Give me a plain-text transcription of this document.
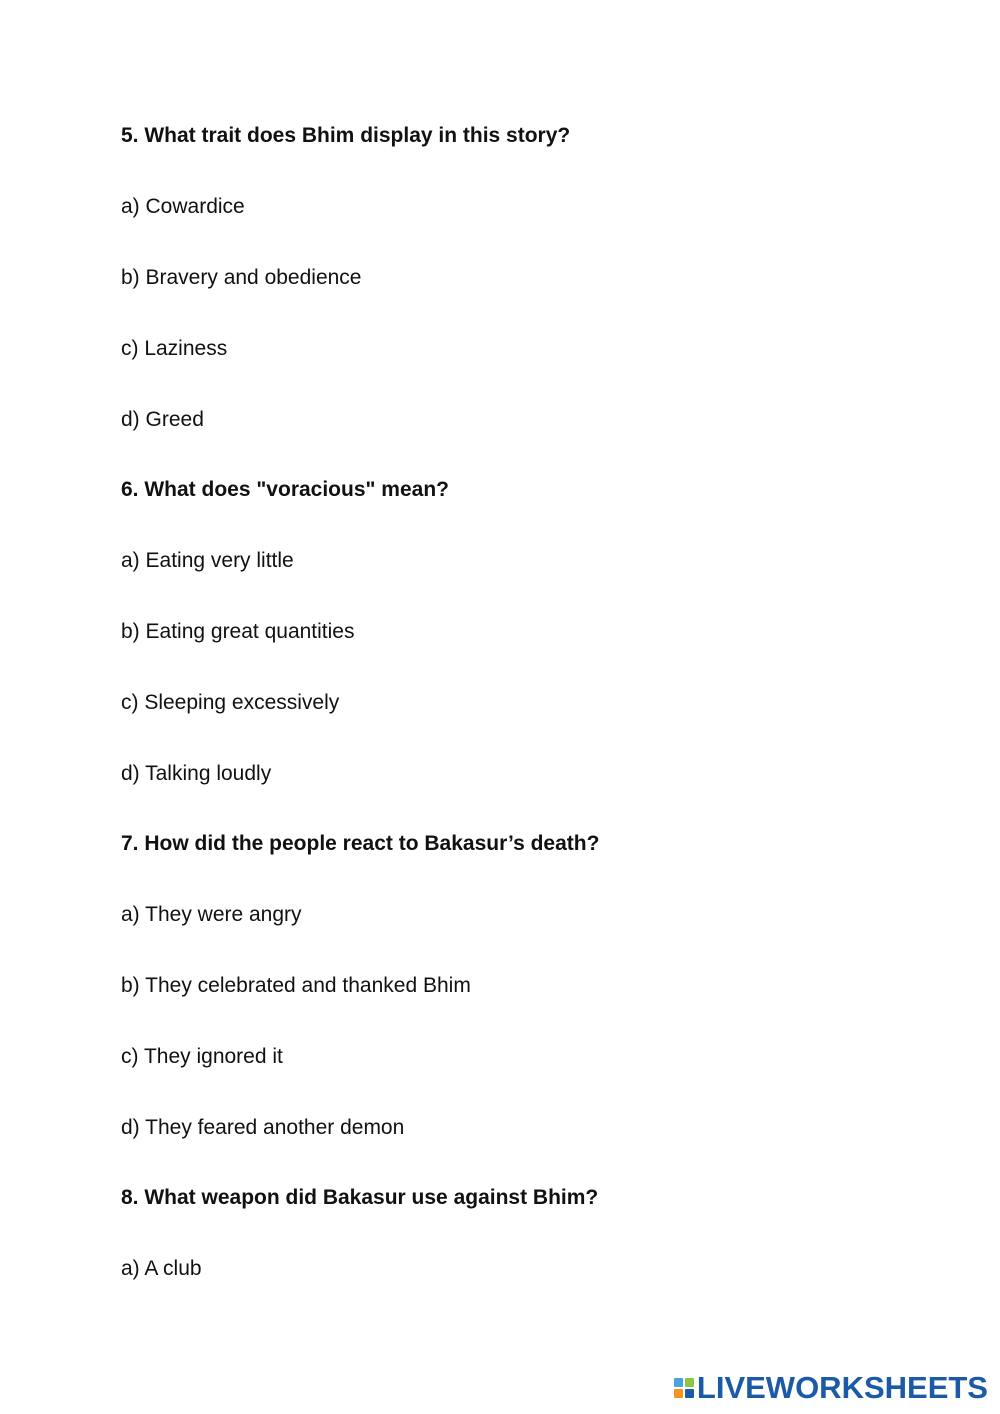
5. What trait does Bhim display in this story?
a) Cowardice
b) Bravery and obedience
c) Laziness
d) Greed
6. What does "voracious" mean?
a) Eating very little
b) Eating great quantities
c) Sleeping excessively
d) Talking loudly
7. How did the people react to Bakasur’s death?
a) They were angry
b) They celebrated and thanked Bhim
c) They ignored it
d) They feared another demon
8. What weapon did Bakasur use against Bhim?
a) A club
LIVEWORKSHEETS
